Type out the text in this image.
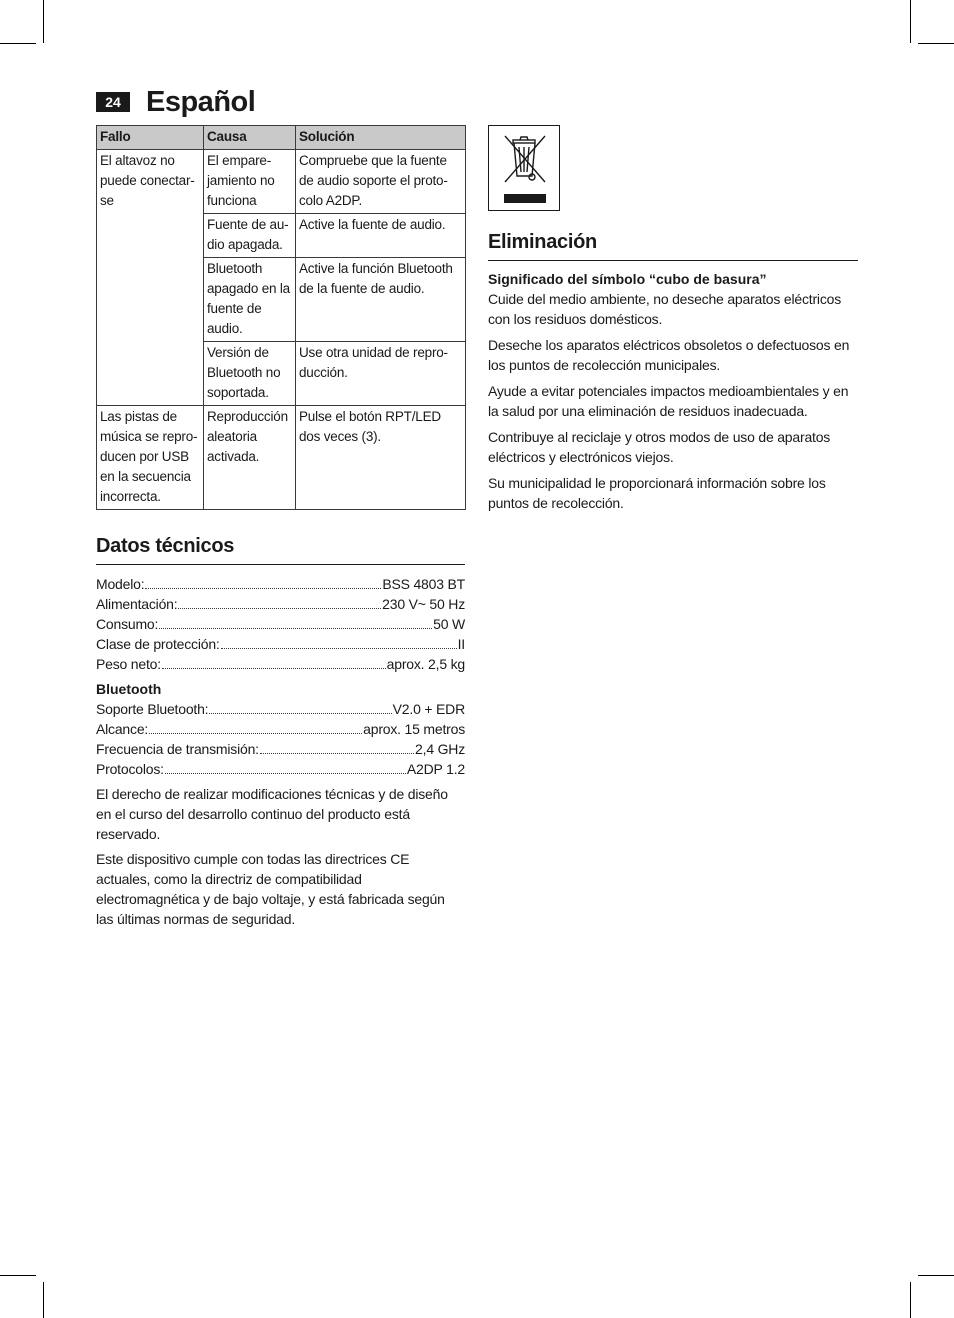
24 Español
Fallo	Causa	Solución
El altavoz no puede conectar-se	El empare-jamiento no funciona	Compruebe que la fuente de audio soporte el proto-colo A2DP.
	Fuente de au-dio apagada.	Active la fuente de audio.
	Bluetooth apagado en la fuente de audio.	Active la función Bluetooth de la fuente de audio.
	Versión de Bluetooth no soportada.	Use otra unidad de repro-ducción.
Las pistas de música se repro-ducen por USB en la secuencia incorrecta.	Reproducción aleatoria activada.	Pulse el botón RPT/LED dos veces (3).
Datos técnicos
Modelo:	BSS 4803 BT
Alimentación:	230 V~ 50 Hz
Consumo:	50 W
Clase de protección:	II
Peso neto:	aprox. 2,5 kg
Bluetooth
Soporte Bluetooth:	V2.0 + EDR
Alcance:	aprox. 15 metros
Frecuencia de transmisión:	2,4 GHz
Protocolos:	A2DP 1.2

El derecho de realizar modificaciones técnicas y de diseño en el curso del desarrollo continuo del producto está reservado.

Este dispositivo cumple con todas las directrices CE actuales, como la directriz de compatibilidad electromagnética y de bajo voltaje, y está fabricada según las últimas normas de seguridad.

Eliminación
Significado del símbolo “cubo de basura”

Cuide del medio ambiente, no deseche aparatos eléctricos con los residuos domésticos.

Deseche los aparatos eléctricos obsoletos o defectuosos en los puntos de recolección municipales.

Ayude a evitar potenciales impactos medioambientales y en la salud por una eliminación de residuos inadecuada.

Contribuye al reciclaje y otros modos de uso de aparatos eléctricos y electrónicos viejos.

Su municipalidad le proporcionará información sobre los puntos de recolección.
